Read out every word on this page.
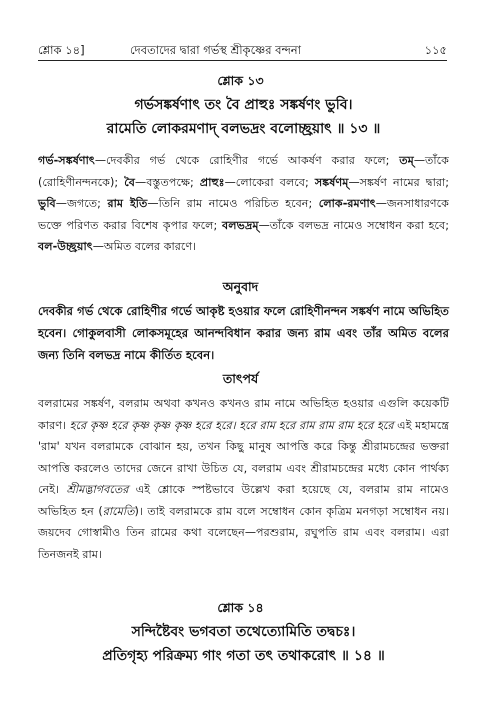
শ্লোক ১৪]	দেবতাদের দ্বারা গর্ভস্থ শ্রীকৃষ্ণের বন্দনা	১১৫
শ্লোক ১৩
গর্ভসঙ্কর্ষণাৎ তং বৈ প্রাহুঃ সঙ্কর্ষণং ভুবি।
রামেতি লোকরমণাদ্ বলভদ্রং বলোচ্ছ্রয়াৎ ॥ ১৩ ॥
গর্ভ-সঙ্কর্ষণাৎ—দেবকীর গর্ভ থেকে রোহিণীর গর্ভে আকর্ষণ করার ফলে; তম্—তাঁকে (রোহিণীনন্দনকে); বৈ—বস্তুতপক্ষে; প্রাহুঃ—লোকেরা বলবে; সঙ্কর্ষণম্—সঙ্কর্ষণ নামের দ্বারা; ভুবি—জগতে; রাম ইতি—তিনি রাম নামেও পরিচিত হবেন; লোক-রমণাৎ—জনসাধারণকে ভক্তে পরিণত করার বিশেষ কৃপার ফলে; বলভদ্রম্—তাঁকে বলভদ্র নামেও সম্বোধন করা হবে; বল-উচ্ছ্রয়াৎ—অমিত বলের কারণে।
অনুবাদ
দেবকীর গর্ভ থেকে রোহিণীর গর্ভে আকৃষ্ট হওয়ার ফলে রোহিণীনন্দন সঙ্কর্ষণ নামে অভিহিত হবেন। গোকুলবাসী লোকসমূহের আনন্দবিধান করার জন্য রাম এবং তাঁর অমিত বলের জন্য তিনি বলভদ্র নামে কীর্তিত হবেন।
তাৎপর্য
বলরামের সঙ্কর্ষণ, বলরাম অথবা কখনও কখনও রাম নামে অভিহিত হওয়ার এগুলি কয়েকটি কারণ। হরে কৃষ্ণ হরে কৃষ্ণ কৃষ্ণ কৃষ্ণ হরে হরে। হরে রাম হরে রাম রাম রাম হরে হরে এই মহামন্ত্রে 'রাম' যখন বলরামকে বোঝান হয়, তখন কিছু মানুষ আপত্তি করে কিন্তু শ্রীরামচন্দ্রের ভক্তরা আপত্তি করলেও তাদের জেনে রাখা উচিত যে, বলরাম এবং শ্রীরামচন্দ্রের মধ্যে কোন পার্থক্য নেই। শ্রীমদ্ভাগবতের এই শ্লোকে স্পষ্টভাবে উল্লেখ করা হয়েছে যে, বলরাম রাম নামেও অভিহিত হন (রামেতি)। তাই বলরামকে রাম বলে সম্বোধন কোন কৃত্রিম মনগড়া সম্বোধন নয়। জয়দেব গোস্বামীও তিন রামের কথা বলেছেন—পরশুরাম, রঘুপতি রাম এবং বলরাম। এরা তিনজনই রাম।
শ্লোক ১৪
সন্দিষ্টৈবং ভগবতা তথেত্যোমিতি তদ্বচঃ।
প্রতিগৃহ্য পরিক্রম্য গাং গতা তৎ তথাকরোৎ ॥ ১৪ ॥
